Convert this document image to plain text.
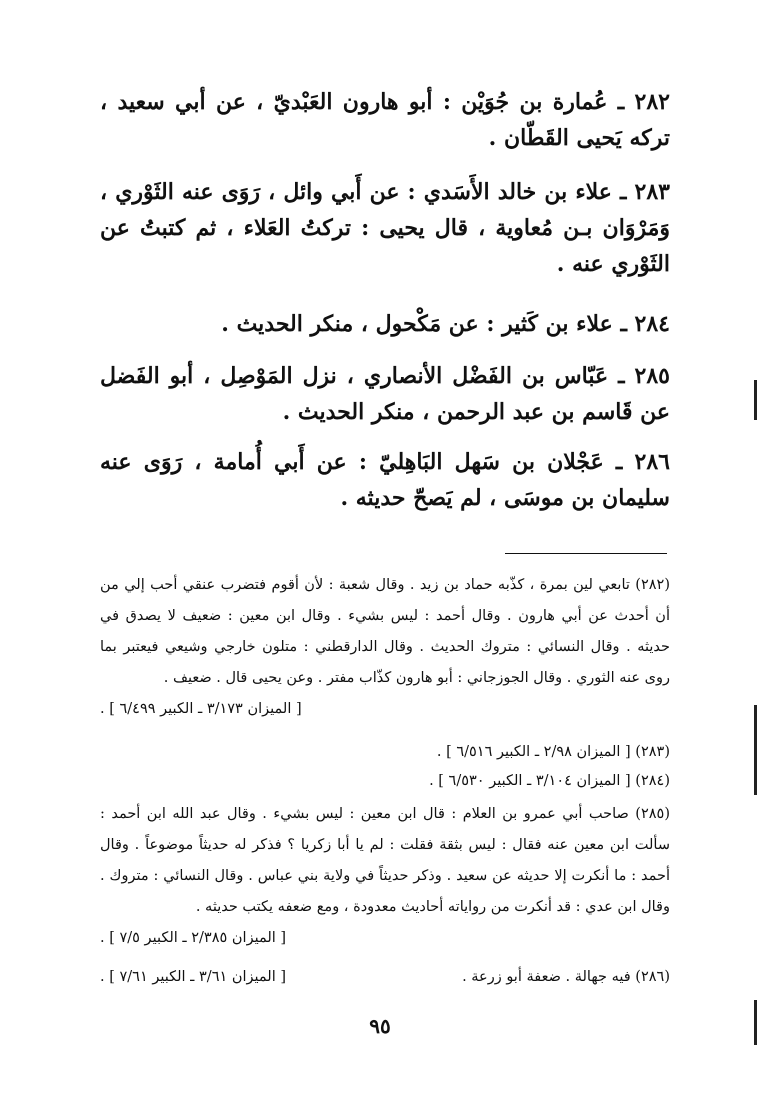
٢٨٢ ـ عُمارة بن جُوَيْن : أبو هارون العَبْديّ ، عن أبي سعيد ، تركه يَحيى القَطّان .

٢٨٣ ـ علاء بن خالد الأَسَدي : عن أَبي وائل ، رَوَى عنه الثَوْري ، وَمَرْوَان بـن مُعاوية ، قال يحيى : تركتُ العَلاء ، ثم كتبتُ عن الثَوْري عنه .

٢٨٤ ـ علاء بن كَثير : عن مَكْحول ، منكر الحديث .

٢٨٥ ـ عَبّاس بن الفَضْل الأنصاري ، نزل المَوْصِل ، أبو الفَضل عن قَاسم بن عبد الرحمن ، منكر الحديث .

٢٨٦ ـ عَجْلان بن سَهل البَاهِليّ : عن أَبي أُمامة ، رَوَى عنه سليمان بن موسَى ، لم يَصحّ حديثه .

(٢٨٢) تابعي لين بمرة ، كذّبه حماد بن زيد . وقال شعبة : لأن أقوم فتضرب عنقي أحب إلي من أن أحدث عن أبي هارون . وقال أحمد : ليس بشيء . وقال ابن معين : ضعيف لا يصدق في حديثه . وقال النسائي : متروك الحديث . وقال الدارقطني : متلون خارجي وشيعي فيعتبر بما روى عنه الثوري . وقال الجوزجاني : أبو هارون كذّاب مفتر . وعن يحيى قال . ضعيف .
[ الميزان ٣/١٧٣ ـ الكبير ٦/٤٩٩ ] .
(٢٨٣) [ الميزان ٢/٩٨ ـ الكبير ٦/٥١٦ ] .
(٢٨٤) [ الميزان ٣/١٠٤ ـ الكبير ٦/٥٣٠ ] .
(٢٨٥) صاحب أبي عمرو بن العلام : قال ابن معين : ليس بشيء . وقال عبد الله ابن أحمد : سألت ابن معين عنه فقال : ليس بثقة فقلت : لم يا أبا زكريا ؟ فذكر له حديثاً موضوعاً . وقال أحمد : ما أنكرت إلا حديثه عن سعيد . وذكر حديثاً في ولاية بني عباس . وقال النسائي : متروك . وقال ابن عدي : قد أنكرت من رواياته أحاديث معدودة ، ومع ضعفه يكتب حديثه .
[ الميزان ٢/٣٨٥ ـ الكبير ٧/٥ ] .
(٢٨٦) فيه جهالة . ضعفة أبو زرعة .
[ الميزان ٣/٦١ ـ الكبير ٧/٦١ ] .
٩٥
